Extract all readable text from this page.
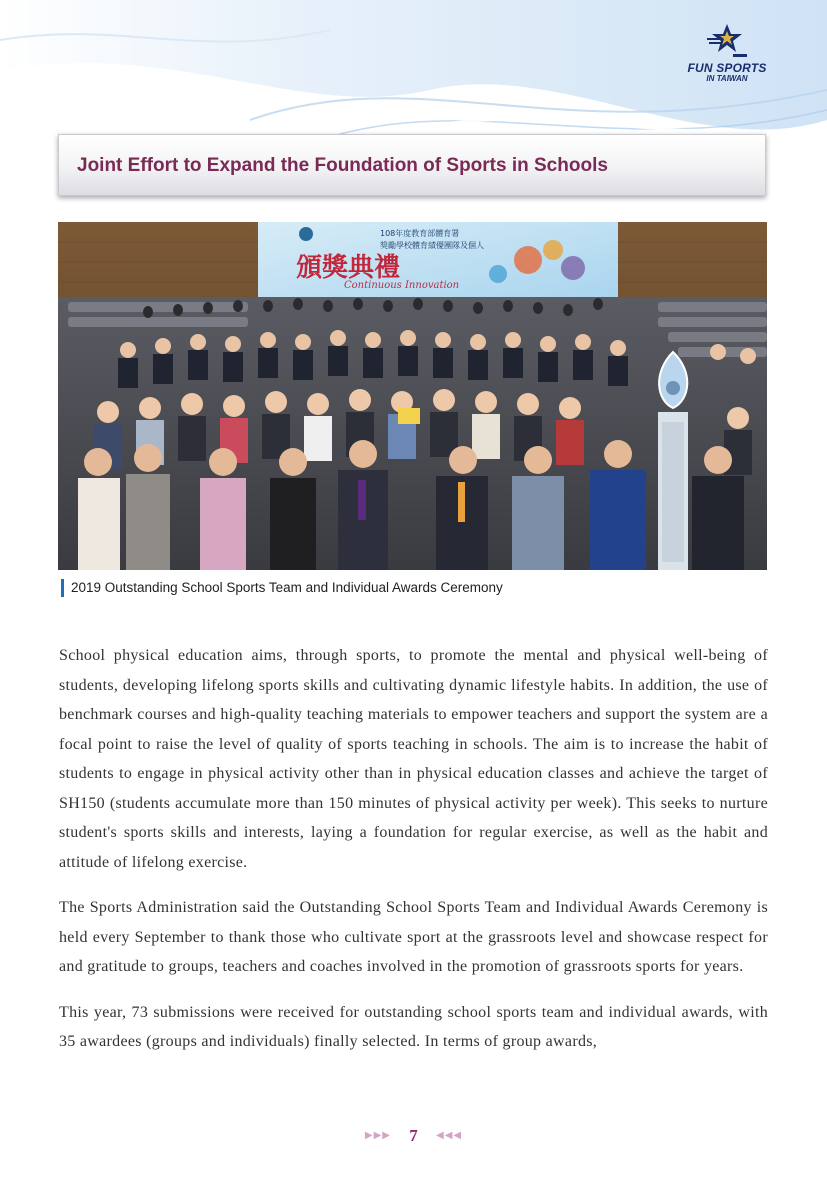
FUN SPORTS
IN TAIWAN
Joint Effort to Expand the Foundation of Sports in Schools
108年度教育部體育署
獎勵學校體育績優團隊及個人
頒獎典禮
Continuous Innovation
2019 Outstanding School Sports Team and Individual Awards Ceremony

School physical education aims, through sports, to promote the mental and physical well-being of students, developing lifelong sports skills and cultivating dynamic lifestyle habits. In addition, the use of benchmark courses and high-quality teaching materials to empower teachers and support the system are a focal point to raise the level of quality of sports teaching in schools. The aim is to increase the habit of students to engage in physical activity other than in physical education classes and achieve the target of SH150 (students accumulate more than 150 minutes of physical activity per week). This seeks to nurture student's sports skills and interests, laying a foundation for regular exercise, as well as the habit and attitude of lifelong exercise.

The Sports Administration said the Outstanding School Sports Team and Individual Awards Ceremony is held every September to thank those who cultivate sport at the grassroots level and showcase respect for and gratitude to groups, teachers and coaches involved in the promotion of grassroots sports for years.

This year, 73 submissions were received for outstanding school sports team and individual awards, with 35 awardees (groups and individuals) finally selected. In terms of group awards,

▶▶▶ 7 ◀◀◀
